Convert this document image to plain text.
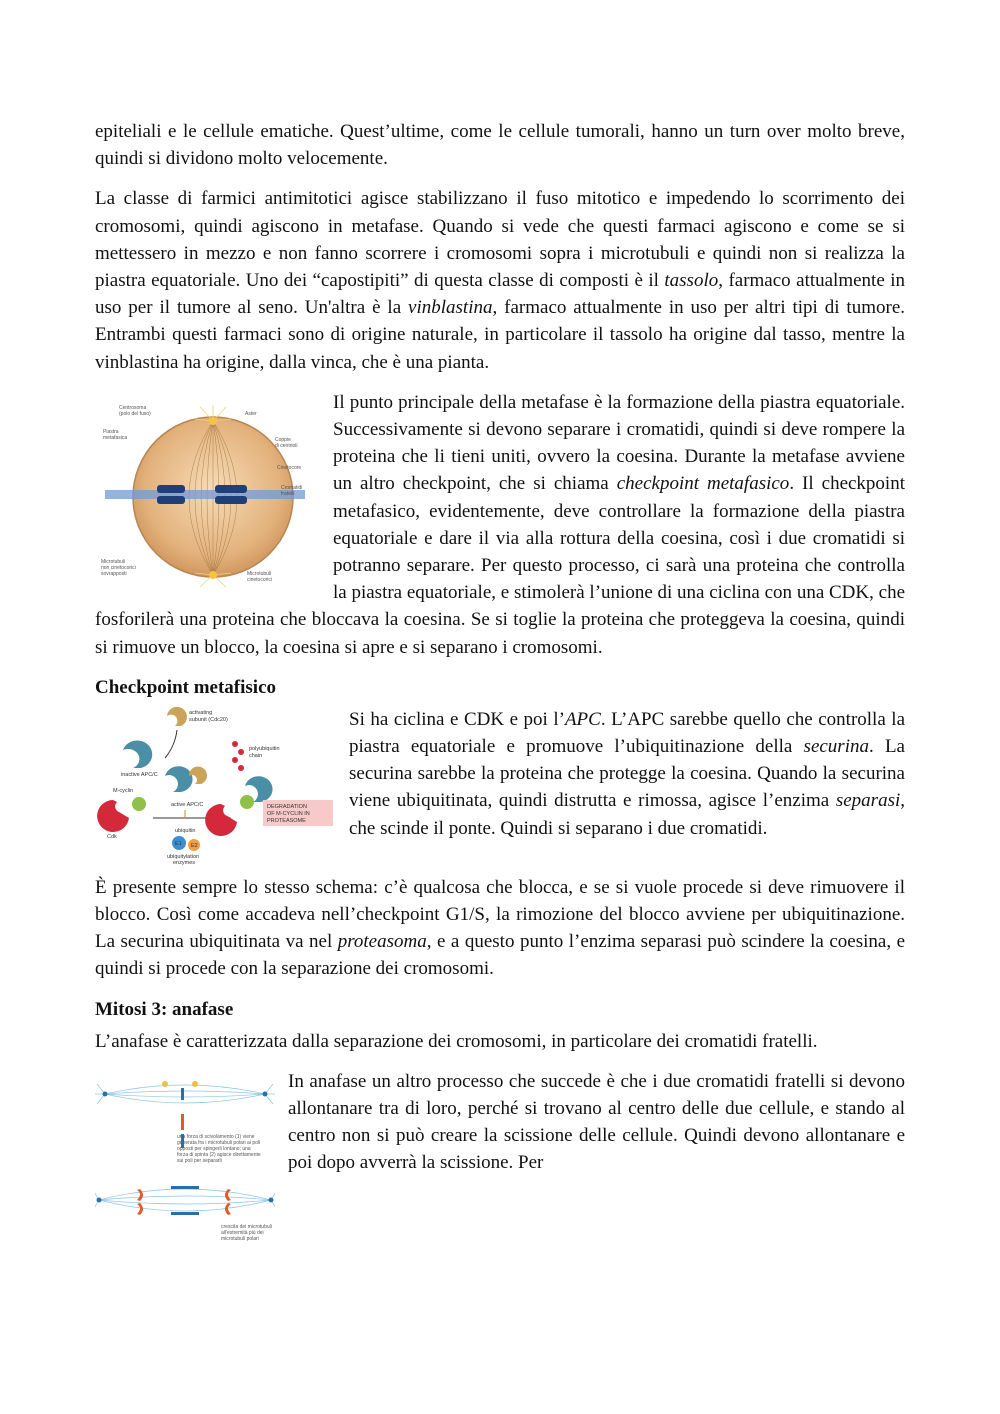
epiteliali e le cellule ematiche. Quest’ultime, come le cellule tumorali, hanno un turn over molto breve, quindi si dividono molto velocemente.

La classe di farmici antimitotici agisce stabilizzano il fuso mitotico e impedendo lo scorrimento dei cromosomi, quindi agiscono in metafase. Quando si vede che questi farmaci agiscono e come se si mettessero in mezzo e non fanno scorrere i cromosomi sopra i microtubuli e quindi non si realizza la piastra equatoriale. Uno dei “capostipiti” di questa classe di composti è il tassolo, farmaco attualmente in uso per il tumore al seno. Un'altra è la vinblastina, farmaco attualmente in uso per altri tipi di tumore. Entrambi questi farmaci sono di origine naturale, in particolare il tassolo ha origine dal tasso, mentre la vinblastina ha origine, dalla vinca, che è una pianta.

Centrosoma
(polo del fuso)	Aster
Piastra
metafasica	Coppie
di centrioli
Cinetocore
Cromatidi
fratelli
Microtubuli
non cinetocorici
sovrapposti	Microtubuli
cinetocorici

Il punto principale della metafase è la formazione della piastra equatoriale. Successivamente si devono separare i cromatidi, quindi si deve rompere la proteina che li tieni uniti, ovvero la coesina. Durante la metafase avviene un altro checkpoint, che si chiama checkpoint metafasico. Il checkpoint metafasico, evidentemente, deve controllare la formazione della piastra equatoriale e dare il via alla rottura della coesina, così i due cromatidi si potranno separare. Per questo processo, ci sarà una proteina che controlla la piastra equatoriale, e stimolerà l’unione di una ciclina con una CDK, che fosforilerà una proteina che bloccava la coesina. Se si toglie la proteina che proteggeva la coesina, quindi si rimuove un blocco, la coesina si apre e si separano i cromosomi.

Checkpoint metafisico
activating
subunit (Cdc20)
inactive APC/C
M-cyclin
Cdk
active APC/C
ubiquitin
E1 E2
ubiquitylation
enzymes
polyubiquitin
chain
DEGRADATION
OF M-CYCLIN IN
PROTEASOME

Si ha ciclina e CDK e poi l’APC. L’APC sarebbe quello che controlla la piastra equatoriale e promuove l’ubiquitinazione della securina. La securina sarebbe la proteina che protegge la coesina. Quando la securina viene ubiquitinata, quindi distrutta e rimossa, agisce l’enzima separasi, che scinde il ponte. Quindi si separano i due cromatidi.

È presente sempre lo stesso schema: c’è qualcosa che blocca, e se si vuole procede si deve rimuovere il blocco. Così come accadeva nell’checkpoint G1/S, la rimozione del blocco avviene per ubiquitinazione. La securina ubiquitinata va nel proteasoma, e a questo punto l’enzima separasi può scindere la coesina, e quindi si procede con la separazione dei cromosomi.

Mitosi 3: anafase

L’anafase è caratterizzata dalla separazione dei cromosomi, in particolare dei cromatidi fratelli.

una forza di scivolamento (1) viene
generata fra i microtubuli polari ai poli
opposti per spingerli lontano; una
forza di spinta (2) agisce direttamente
sui poli per separarli
crescita dei microtubuli
all'estremità più dei
microtubuli polari

In anafase un altro processo che succede è che i due cromatidi fratelli si devono allontanare tra di loro, perché si trovano al centro delle due cellule, e stando al centro non si può creare la scissione delle cellule. Quindi devono allontanare e poi dopo avverrà la scissione. Per
